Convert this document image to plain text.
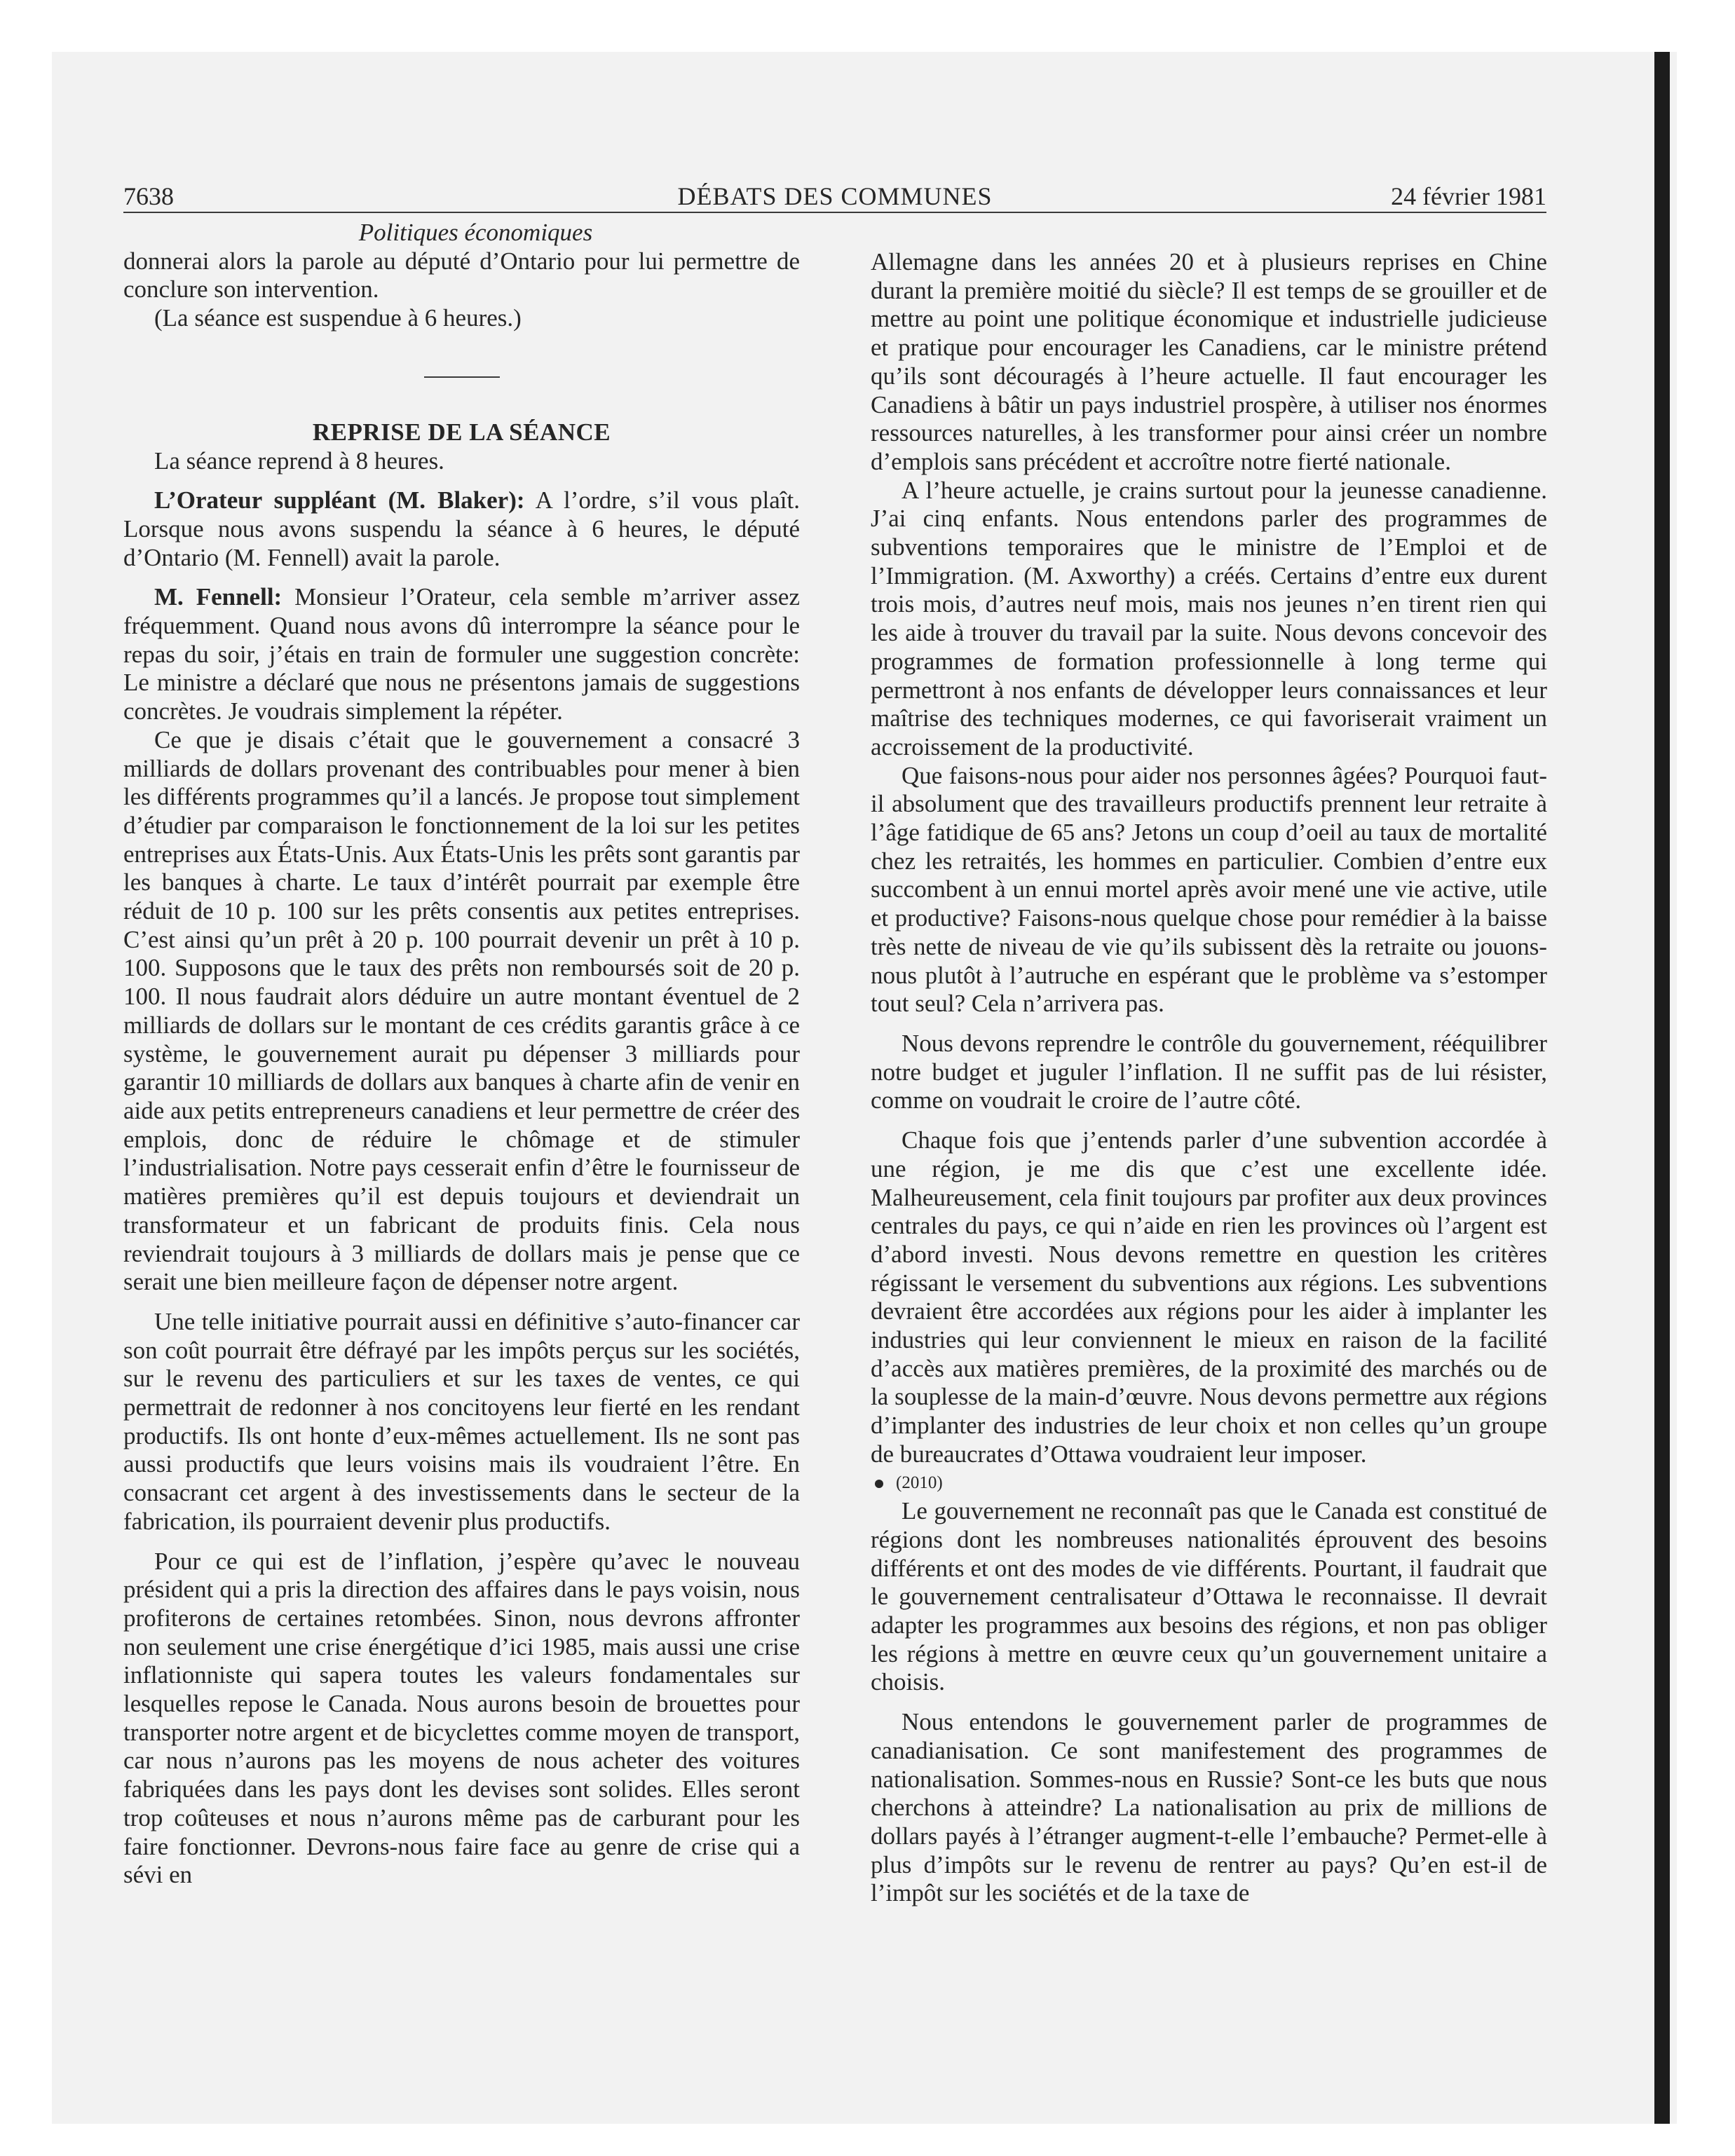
7638	DÉBATS DES COMMUNES	24 février 1981

Politiques économiques

donnerai alors la parole au député d’Ontario pour lui permettre de conclure son intervention.

(La séance est suspendue à 6 heures.)

REPRISE DE LA SÉANCE

La séance reprend à 8 heures.

L’Orateur suppléant (M. Blaker): A l’ordre, s’il vous plaît. Lorsque nous avons suspendu la séance à 6 heures, le député d’Ontario (M. Fennell) avait la parole.

M. Fennell: Monsieur l’Orateur, cela semble m’arriver assez fréquemment. Quand nous avons dû interrompre la séance pour le repas du soir, j’étais en train de formuler une suggestion concrète: Le ministre a déclaré que nous ne présentons jamais de suggestions concrètes. Je voudrais simplement la répéter.

Ce que je disais c’était que le gouvernement a consacré 3 milliards de dollars provenant des contribuables pour mener à bien les différents programmes qu’il a lancés. Je propose tout simplement d’étudier par comparaison le fonctionnement de la loi sur les petites entreprises aux États-Unis. Aux États-Unis les prêts sont garantis par les banques à charte. Le taux d’intérêt pourrait par exemple être réduit de 10 p. 100 sur les prêts consentis aux petites entreprises. C’est ainsi qu’un prêt à 20 p. 100 pourrait devenir un prêt à 10 p. 100. Supposons que le taux des prêts non remboursés soit de 20 p. 100. Il nous faudrait alors déduire un autre montant éventuel de 2 milliards de dollars sur le montant de ces crédits garantis grâce à ce système, le gouvernement aurait pu dépenser 3 milliards pour garantir 10 milliards de dollars aux banques à charte afin de venir en aide aux petits entrepreneurs canadiens et leur permettre de créer des emplois, donc de réduire le chômage et de stimuler l’industrialisation. Notre pays cesserait enfin d’être le fournisseur de matières premières qu’il est depuis toujours et deviendrait un transformateur et un fabricant de produits finis. Cela nous reviendrait toujours à 3 milliards de dollars mais je pense que ce serait une bien meilleure façon de dépenser notre argent.

Une telle initiative pourrait aussi en définitive s’auto-financer car son coût pourrait être défrayé par les impôts perçus sur les sociétés, sur le revenu des particuliers et sur les taxes de ventes, ce qui permettrait de redonner à nos concitoyens leur fierté en les rendant productifs. Ils ont honte d’eux-mêmes actuellement. Ils ne sont pas aussi productifs que leurs voisins mais ils voudraient l’être. En consacrant cet argent à des investissements dans le secteur de la fabrication, ils pourraient devenir plus productifs.

Pour ce qui est de l’inflation, j’espère qu’avec le nouveau président qui a pris la direction des affaires dans le pays voisin, nous profiterons de certaines retombées. Sinon, nous devrons affronter non seulement une crise énergétique d’ici 1985, mais aussi une crise inflationniste qui sapera toutes les valeurs fondamentales sur lesquelles repose le Canada. Nous aurons besoin de brouettes pour transporter notre argent et de bicyclettes comme moyen de transport, car nous n’aurons pas les moyens de nous acheter des voitures fabriquées dans les pays dont les devises sont solides. Elles seront trop coûteuses et nous n’aurons même pas de carburant pour les faire fonctionner. Devrons-nous faire face au genre de crise qui a sévi en

Allemagne dans les années 20 et à plusieurs reprises en Chine durant la première moitié du siècle? Il est temps de se grouiller et de mettre au point une politique économique et industrielle judicieuse et pratique pour encourager les Canadiens, car le ministre prétend qu’ils sont découragés à l’heure actuelle. Il faut encourager les Canadiens à bâtir un pays industriel prospère, à utiliser nos énormes ressources naturelles, à les transformer pour ainsi créer un nombre d’emplois sans précédent et accroître notre fierté nationale.

A l’heure actuelle, je crains surtout pour la jeunesse canadienne. J’ai cinq enfants. Nous entendons parler des programmes de subventions temporaires que le ministre de l’Emploi et de l’Immigration. (M. Axworthy) a créés. Certains d’entre eux durent trois mois, d’autres neuf mois, mais nos jeunes n’en tirent rien qui les aide à trouver du travail par la suite. Nous devons concevoir des programmes de formation professionnelle à long terme qui permettront à nos enfants de développer leurs connaissances et leur maîtrise des techniques modernes, ce qui favoriserait vraiment un accroissement de la productivité.

Que faisons-nous pour aider nos personnes âgées? Pourquoi faut-il absolument que des travailleurs productifs prennent leur retraite à l’âge fatidique de 65 ans? Jetons un coup d’oeil au taux de mortalité chez les retraités, les hommes en particulier. Combien d’entre eux succombent à un ennui mortel après avoir mené une vie active, utile et productive? Faisons-nous quelque chose pour remédier à la baisse très nette de niveau de vie qu’ils subissent dès la retraite ou jouons-nous plutôt à l’autruche en espérant que le problème va s’estomper tout seul? Cela n’arrivera pas.

Nous devons reprendre le contrôle du gouvernement, rééquilibrer notre budget et juguler l’inflation. Il ne suffit pas de lui résister, comme on voudrait le croire de l’autre côté.

Chaque fois que j’entends parler d’une subvention accordée à une région, je me dis que c’est une excellente idée. Malheureusement, cela finit toujours par profiter aux deux provinces centrales du pays, ce qui n’aide en rien les provinces où l’argent est d’abord investi. Nous devons remettre en question les critères régissant le versement du subventions aux régions. Les subventions devraient être accordées aux régions pour les aider à implanter les industries qui leur conviennent le mieux en raison de la facilité d’accès aux matières premières, de la proximité des marchés ou de la souplesse de la main-d’œuvre. Nous devons permettre aux régions d’implanter des industries de leur choix et non celles qu’un groupe de bureaucrates d’Ottawa voudraient leur imposer.

(2010)

Le gouvernement ne reconnaît pas que le Canada est constitué de régions dont les nombreuses nationalités éprouvent des besoins différents et ont des modes de vie différents. Pourtant, il faudrait que le gouvernement centralisateur d’Ottawa le reconnaisse. Il devrait adapter les programmes aux besoins des régions, et non pas obliger les régions à mettre en œuvre ceux qu’un gouvernement unitaire a choisis.

Nous entendons le gouvernement parler de programmes de canadianisation. Ce sont manifestement des programmes de nationalisation. Sommes-nous en Russie? Sont-ce les buts que nous cherchons à atteindre? La nationalisation au prix de millions de dollars payés à l’étranger augment-t-elle l’embauche? Permet-elle à plus d’impôts sur le revenu de rentrer au pays? Qu’en est-il de l’impôt sur les sociétés et de la taxe de
